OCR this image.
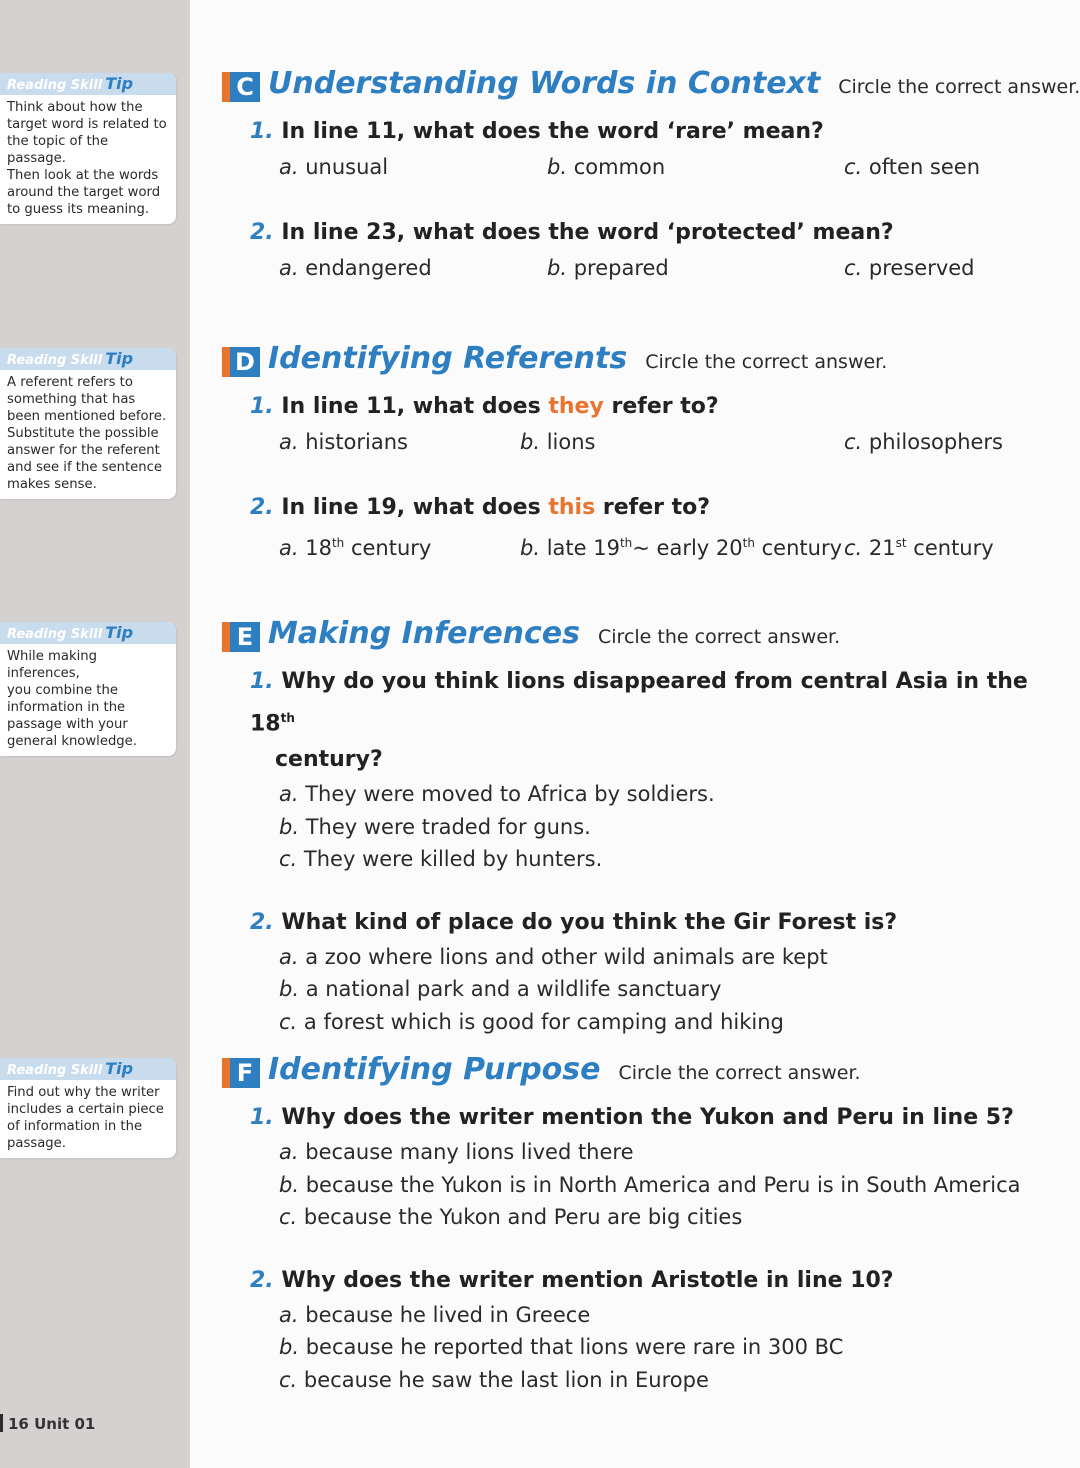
Reading Skill Tip
Think about how the
target word is related to
the topic of the passage.
Then look at the words
around the target word
to guess its meaning.
Reading Skill Tip
A referent refers to
something that has
been mentioned before.
Substitute the possible
answer for the referent
and see if the sentence
makes sense.
Reading Skill Tip
While making inferences,
you combine the
information in the
passage with your
general knowledge.
Reading Skill Tip
Find out why the writer
includes a certain piece
of information in the
passage.
16 Unit 01
C Understanding Words in Context Circle the correct answer.
1. In line 11, what does the word ‘rare’ mean?
a. unusual	b. common	c. often seen
2. In line 23, what does the word ‘protected’ mean?
a. endangered	b. prepared	c. preserved
D Identifying Referents Circle the correct answer.
1. In line 11, what does they refer to?
a. historians	b. lions	c. philosophers
2. In line 19, what does this refer to?
a. 18th century	b. late 19th~ early 20th century c. 21st century
E Making Inferences Circle the correct answer.
1. Why do you think lions disappeared from central Asia in the 18th
century?
a. They were moved to Africa by soldiers.
b. They were traded for guns.
c. They were killed by hunters.
2. What kind of place do you think the Gir Forest is?
a. a zoo where lions and other wild animals are kept
b. a national park and a wildlife sanctuary
c. a forest which is good for camping and hiking
F Identifying Purpose Circle the correct answer.
1. Why does the writer mention the Yukon and Peru in line 5?
a. because many lions lived there
b. because the Yukon is in North America and Peru is in South America
c. because the Yukon and Peru are big cities
2. Why does the writer mention Aristotle in line 10?
a. because he lived in Greece
b. because he reported that lions were rare in 300 BC
c. because he saw the last lion in Europe
